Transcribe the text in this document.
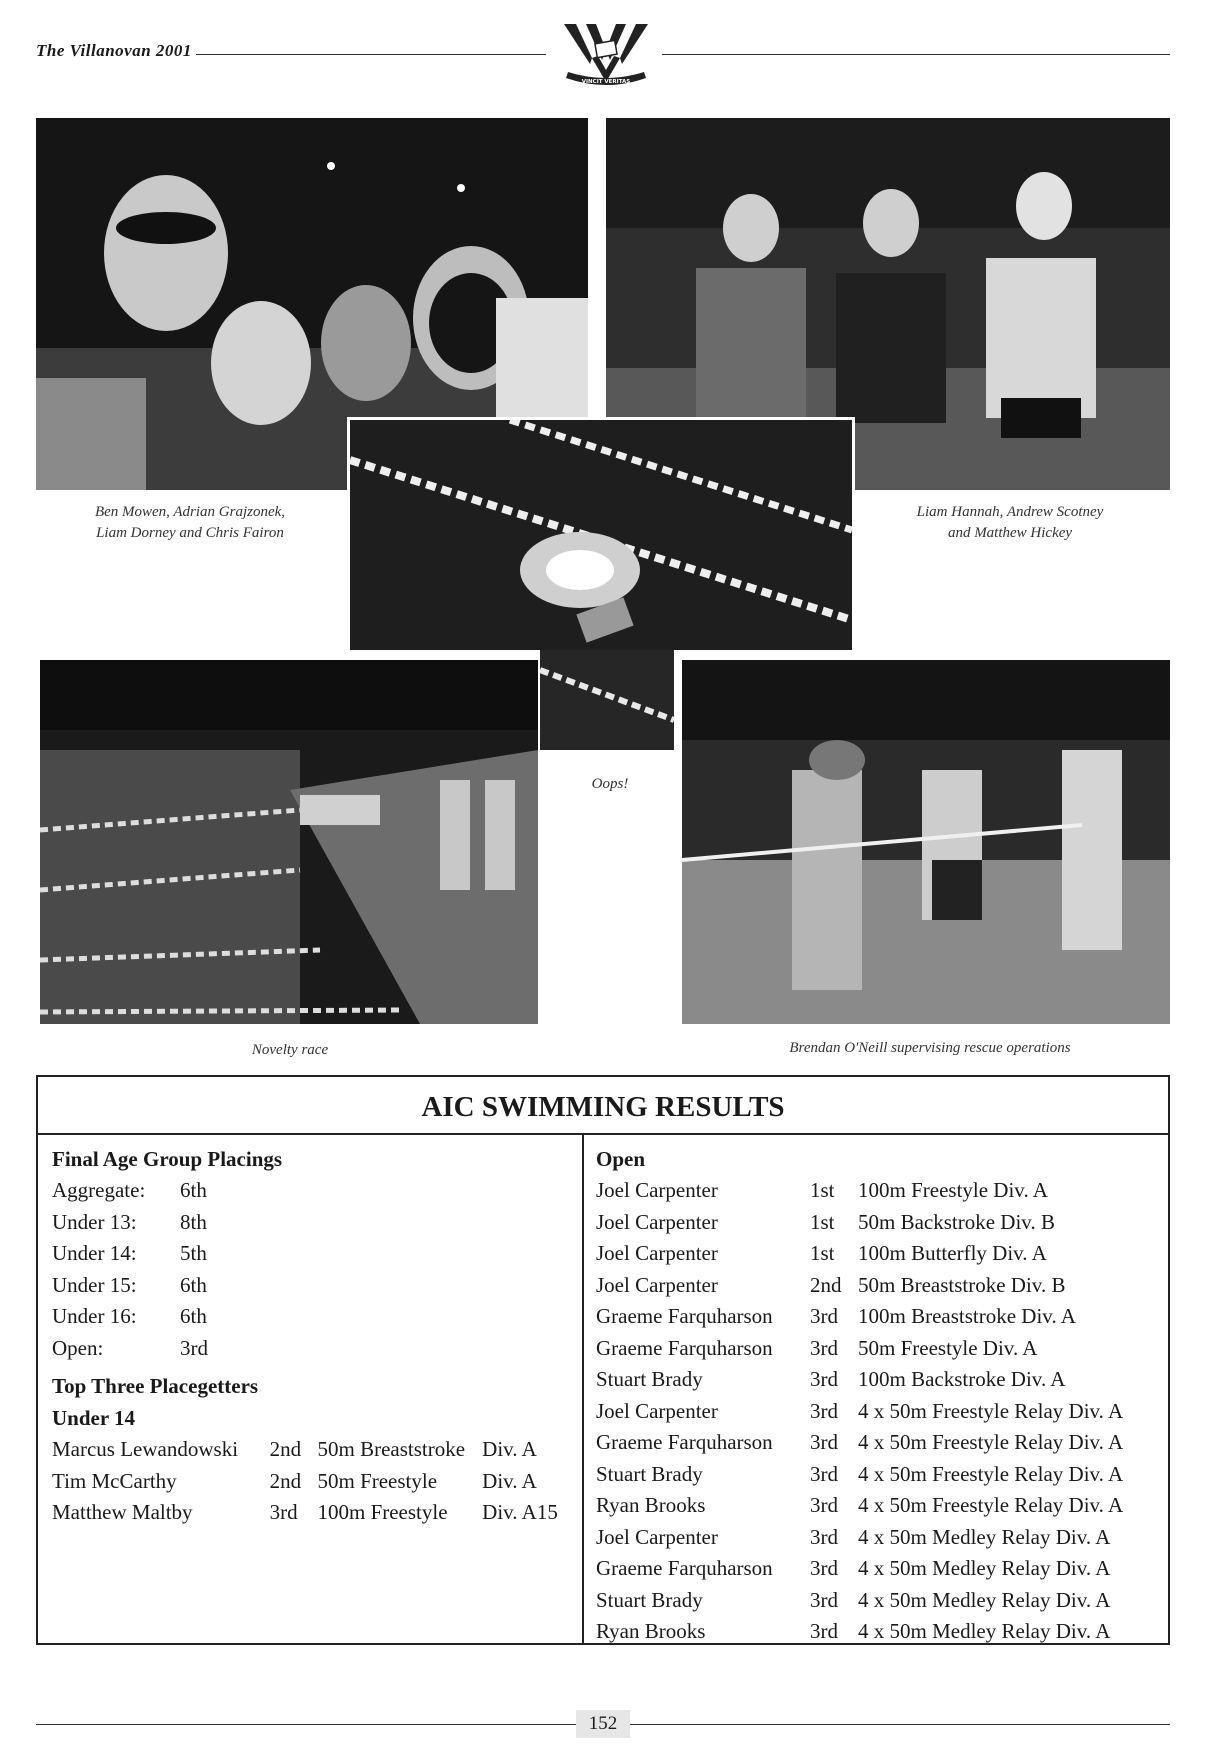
The Villanovan 2001
VINCIT VERITAS
Ben Mowen, Adrian Grajzonek,
Liam Dorney and Chris Fairon
Liam Hannah, Andrew Scotney
and Matthew Hickey
Oops!
Novelty race	Brendan O'Neill supervising rescue operations
AIC SWIMMING RESULTS
Final Age Group Placings
Aggregate:	6th
Under 13:	8th
Under 14:	5th
Under 15:	6th
Under 16:	6th
Open:	3rd
Top Three Placegetters
Under 14
Marcus Lewandowski	2nd 50m Breaststroke Div. A
Tim McCarthy	2nd 50m Freestyle	Div. A
Matthew Maltby	3rd 100m Freestyle	Div. A15
Open
Joel Carpenter	1st	100m Freestyle Div. A
Joel Carpenter	1st	50m Backstroke Div. B
Joel Carpenter	1st	100m Butterfly Div. A
Joel Carpenter	2nd 50m Breaststroke Div. B
Graeme Farquharson	3rd 100m Breaststroke Div. A
Graeme Farquharson	3rd 50m Freestyle Div. A
Stuart Brady	3rd 100m Backstroke Div. A
Joel Carpenter	3rd 4 x 50m Freestyle Relay Div. A
Graeme Farquharson	3rd 4 x 50m Freestyle Relay Div. A
Stuart Brady	3rd 4 x 50m Freestyle Relay Div. A
Ryan Brooks	3rd 4 x 50m Freestyle Relay Div. A
Joel Carpenter	3rd 4 x 50m Medley Relay Div. A
Graeme Farquharson	3rd 4 x 50m Medley Relay Div. A
Stuart Brady	3rd 4 x 50m Medley Relay Div. A
Ryan Brooks	3rd 4 x 50m Medley Relay Div. A
152
